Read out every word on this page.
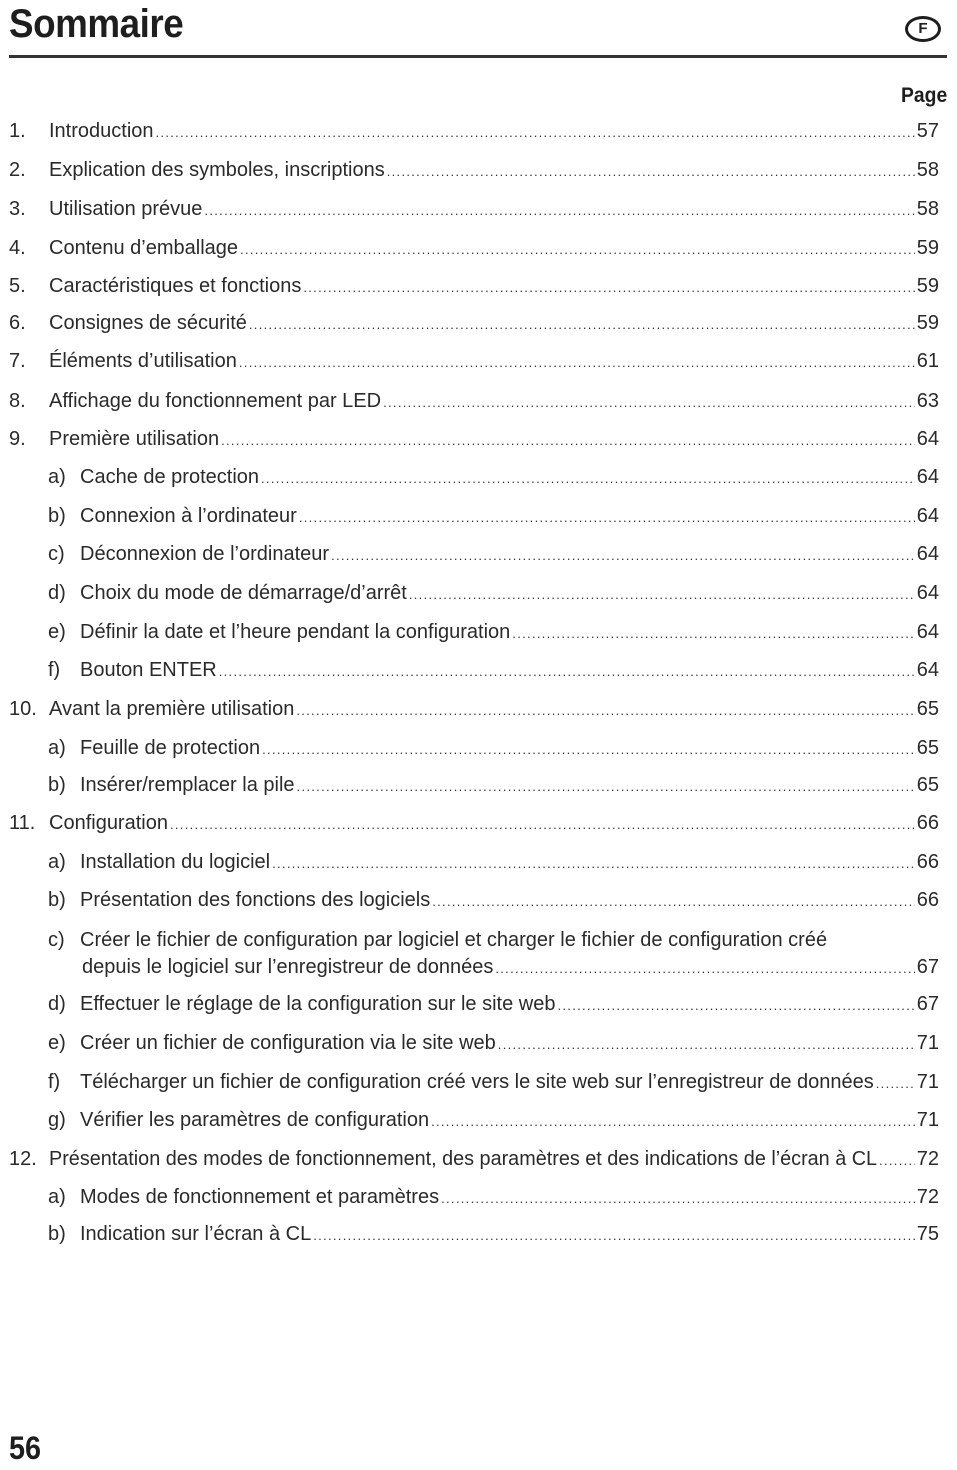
Sommaire	F
Page
1. Introduction .....	57
2. Explication des symboles, inscriptions .....	58
3. Utilisation prévue .....	58
4. Contenu d’emballage .....	59
5. Caractéristiques et fonctions .....	59
6. Consignes de sécurité .....	59
7. Éléments d’utilisation .....	61
8. Affichage du fonctionnement par LED .....	63
9. Première utilisation .....	64
a) Cache de protection .....	64
b) Connexion à l’ordinateur .....	64
c) Déconnexion de l’ordinateur .....	64
d) Choix du mode de démarrage/d’arrêt .....	64
e) Définir la date et l’heure pendant la configuration .....	64
f) Bouton ENTER .....	64
10. Avant la première utilisation .....	65
a) Feuille de protection .....	65
b) Insérer/remplacer la pile .....	65
11. Configuration .....	66
a) Installation du logiciel .....	66
b) Présentation des fonctions des logiciels .....	66
c) Créer le fichier de configuration par logiciel et charger le fichier de configuration créé
depuis le logiciel sur l’enregistreur de données .....	67
d) Effectuer le réglage de la configuration sur le site web .....	67
e) Créer un fichier de configuration via le site web .....	71
f) Télécharger un fichier de configuration créé vers le site web sur l’enregistreur de données ..... 71
g) Vérifier les paramètres de configuration .....	71
12. Présentation des modes de fonctionnement, des paramètres et des indications de l’écran à CL ..... 72
a) Modes de fonctionnement et paramètres .....	72
b) Indication sur l’écran à CL .....	75
56
